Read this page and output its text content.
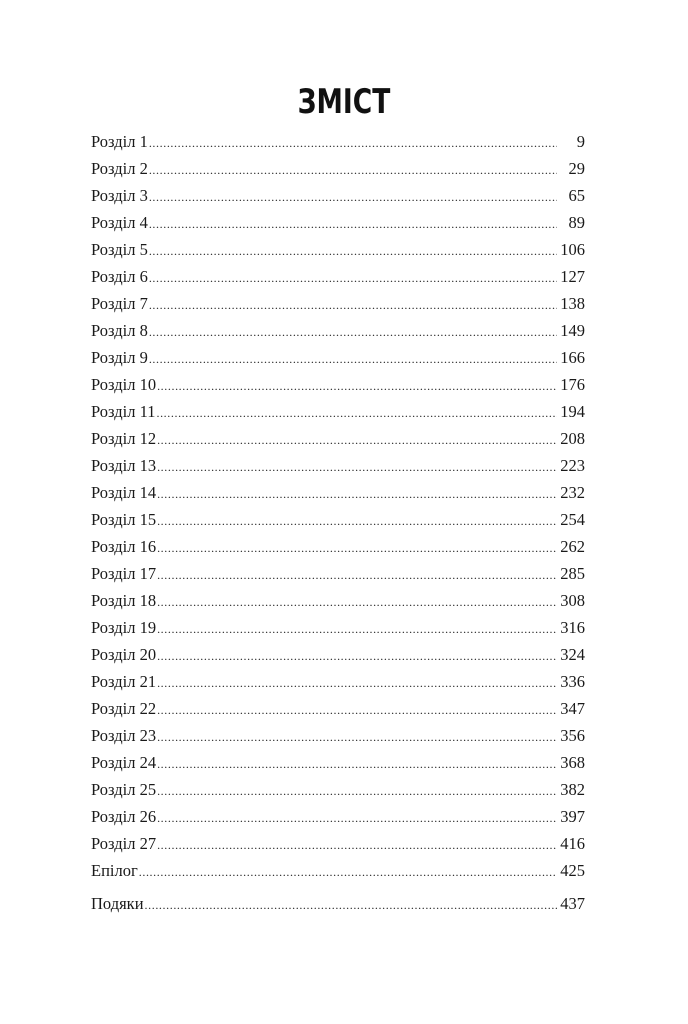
ЗМІСТ
Розділ 1 .....	9
Розділ 2 .....	29
Розділ 3 .....	65
Розділ 4 .....	89
Розділ 5 .....	106
Розділ 6 .....	127
Розділ 7 .....	138
Розділ 8 .....	149
Розділ 9 .....	166
Розділ 10 .....	176
Розділ 11 .....	194
Розділ 12 .....	208
Розділ 13 .....	223
Розділ 14 .....	232
Розділ 15 .....	254
Розділ 16 .....	262
Розділ 17 .....	285
Розділ 18 .....	308
Розділ 19 .....	316
Розділ 20 .....	324
Розділ 21 .....	336
Розділ 22 .....	347
Розділ 23 .....	356
Розділ 24 .....	368
Розділ 25 .....	382
Розділ 26 .....	397
Розділ 27 .....	416
Епілог .....	425
Подяки .....	437
